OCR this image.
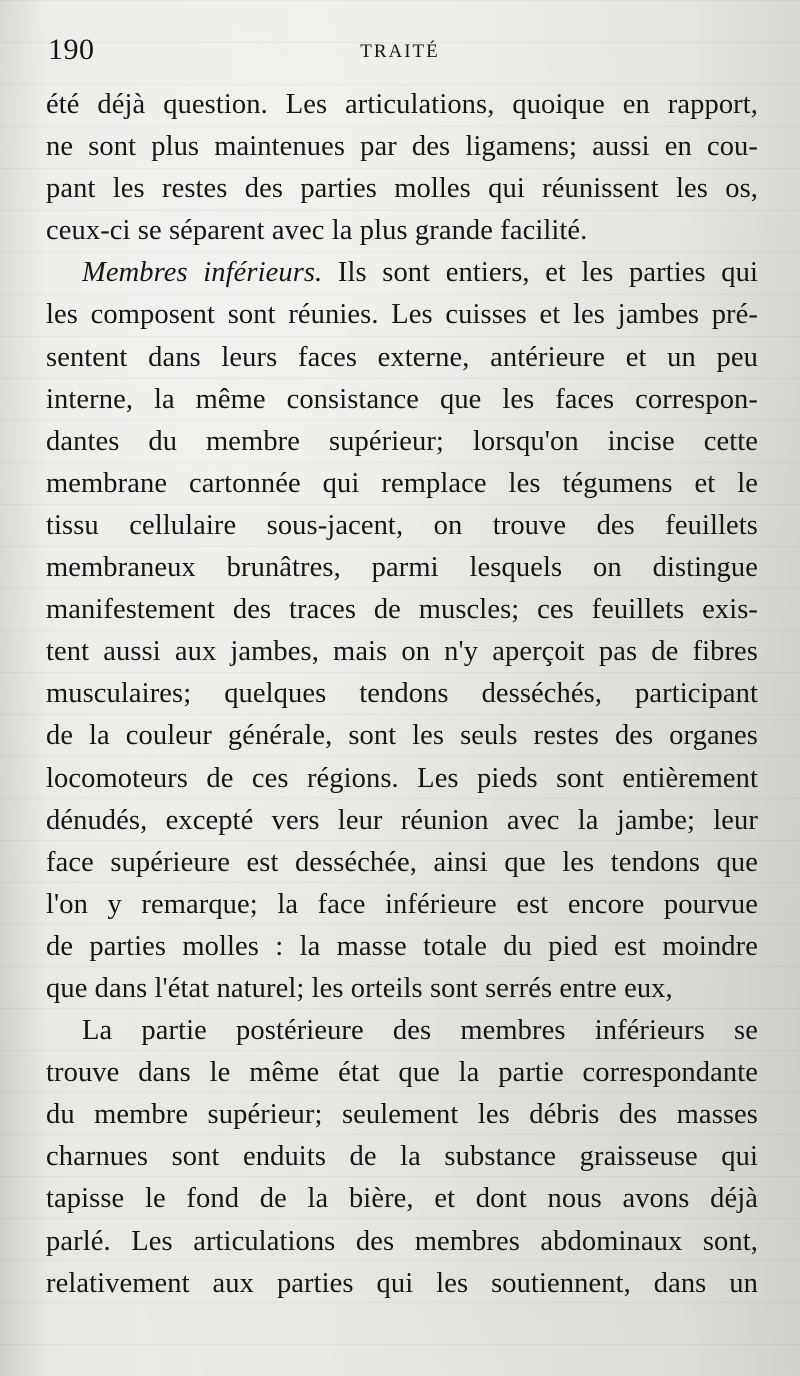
190	TRAITÉ

été déjà question. Les articulations, quoique en rapport,
ne sont plus maintenues par des ligamens; aussi en cou-
pant les restes des parties molles qui réunissent les os,

ceux-ci se séparent avec la plus grande facilité.

Membres inférieurs. Ils sont entiers, et les parties qui
les composent sont réunies. Les cuisses et les jambes pré-
sentent dans leurs faces externe, antérieure et un peu
interne, la même consistance que les faces correspon-
dantes du membre supérieur; lorsqu'on incise cette
membrane cartonnée qui remplace les tégumens et le
tissu cellulaire sous-jacent, on trouve des feuillets
membraneux brunâtres, parmi lesquels on distingue
manifestement des traces de muscles; ces feuillets exis-
tent aussi aux jambes, mais on n'y aperçoit pas de fibres
musculaires; quelques tendons desséchés, participant
de la couleur générale, sont les seuls restes des organes
locomoteurs de ces régions. Les pieds sont entièrement
dénudés, excepté vers leur réunion avec la jambe; leur
face supérieure est desséchée, ainsi que les tendons que
l'on y remarque; la face inférieure est encore pourvue
de parties molles : la masse totale du pied est moindre

que dans l'état naturel; les orteils sont serrés entre eux,

La partie postérieure des membres inférieurs se
trouve dans le même état que la partie correspondante
du membre supérieur; seulement les débris des masses
charnues sont enduits de la substance graisseuse qui
tapisse le fond de la bière, et dont nous avons déjà
parlé. Les articulations des membres abdominaux sont,
relativement aux parties qui les soutiennent, dans un
